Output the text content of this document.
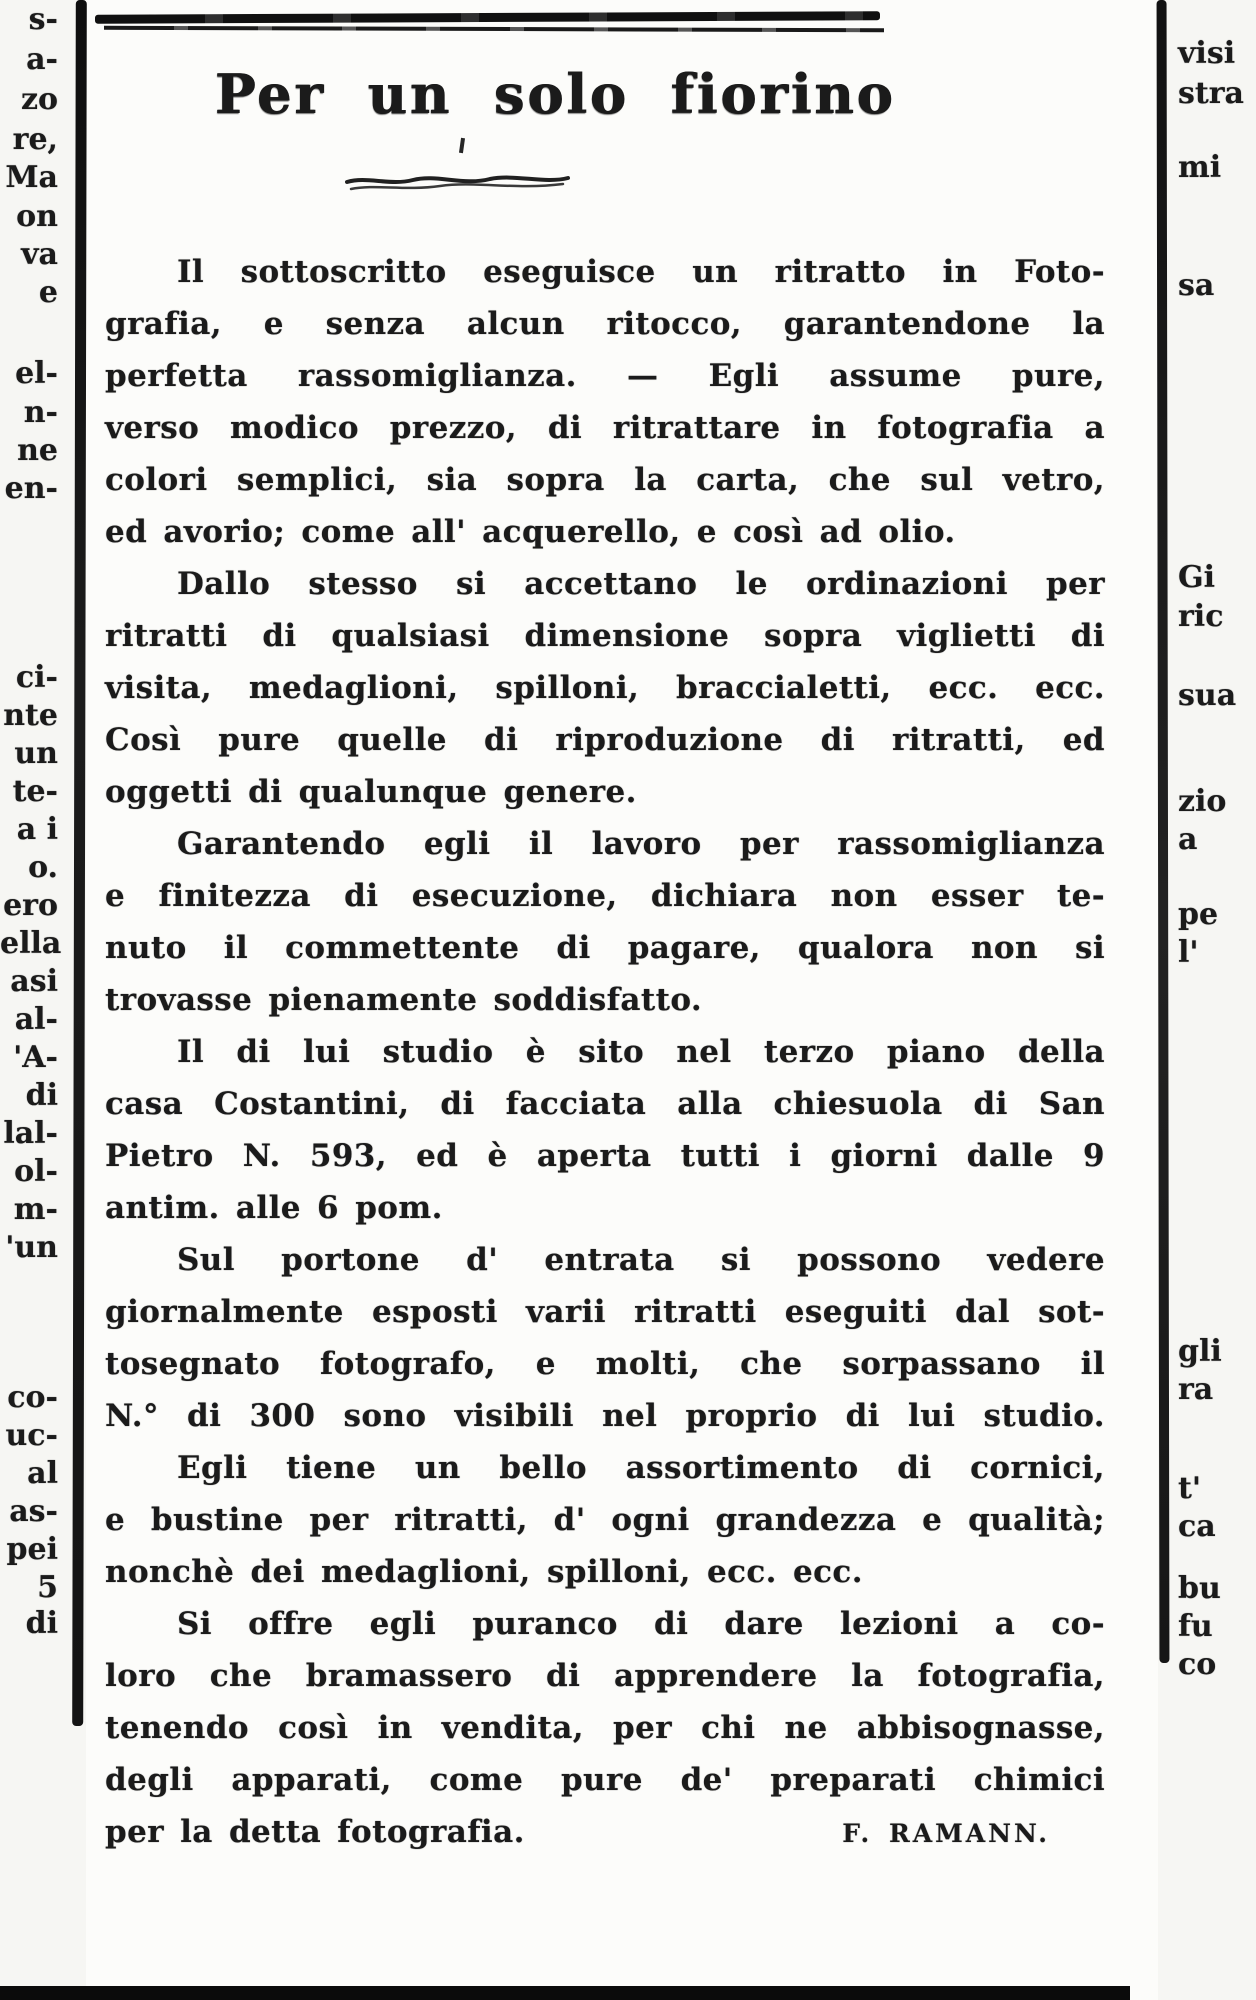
s-
a-
zo
re,
Ma
on
va
e
el-
n-
ne
en-
ci-
nte
un
te-
a i
o.
ero
ella
asi
al-
'A-
di
lal-
ol-
m-
'un
co-
uc-
al
as-
pei
5 di
visi
stra
mi
sa
Gi
ric
sua
zio
a
pe
l'
gli
ra
t'
ca
bu
fu
co
Per un solo fiorino
Il sottoscritto eseguisce un ritratto in Foto-
grafia, e senza alcun ritocco, garantendone la
perfetta rassomiglianza. — Egli assume pure,
verso modico prezzo, di ritrattare in fotografia a
colori semplici, sia sopra la carta, che sul vetro,
ed avorio; come all' acquerello, e così ad olio.
Dallo stesso si accettano le ordinazioni per
ritratti di qualsiasi dimensione sopra viglietti di
visita, medaglioni, spilloni, braccialetti, ecc. ecc.
Così pure quelle di riproduzione di ritratti, ed
oggetti di qualunque genere.
Garantendo egli il lavoro per rassomiglianza
e finitezza di esecuzione, dichiara non esser te-
nuto il commettente di pagare, qualora non si
trovasse pienamente soddisfatto.
Il di lui studio è sito nel terzo piano della
casa Costantini, di facciata alla chiesuola di San
Pietro N. 593, ed è aperta tutti i giorni dalle 9
antim. alle 6 pom.
Sul portone d' entrata si possono vedere
giornalmente esposti varii ritratti eseguiti dal sot-
tosegnato fotografo, e molti, che sorpassano il
N.° di 300 sono visibili nel proprio di lui studio.
Egli tiene un bello assortimento di cornici,
e bustine per ritratti, d' ogni grandezza e qualità;
nonchè dei medaglioni, spilloni, ecc. ecc.
Si offre egli puranco di dare lezioni a co-
loro che bramassero di apprendere la fotografia,
tenendo così in vendita, per chi ne abbisognasse,
degli apparati, come pure de' preparati chimici
per la detta fotografia.	F. RAMANN.
